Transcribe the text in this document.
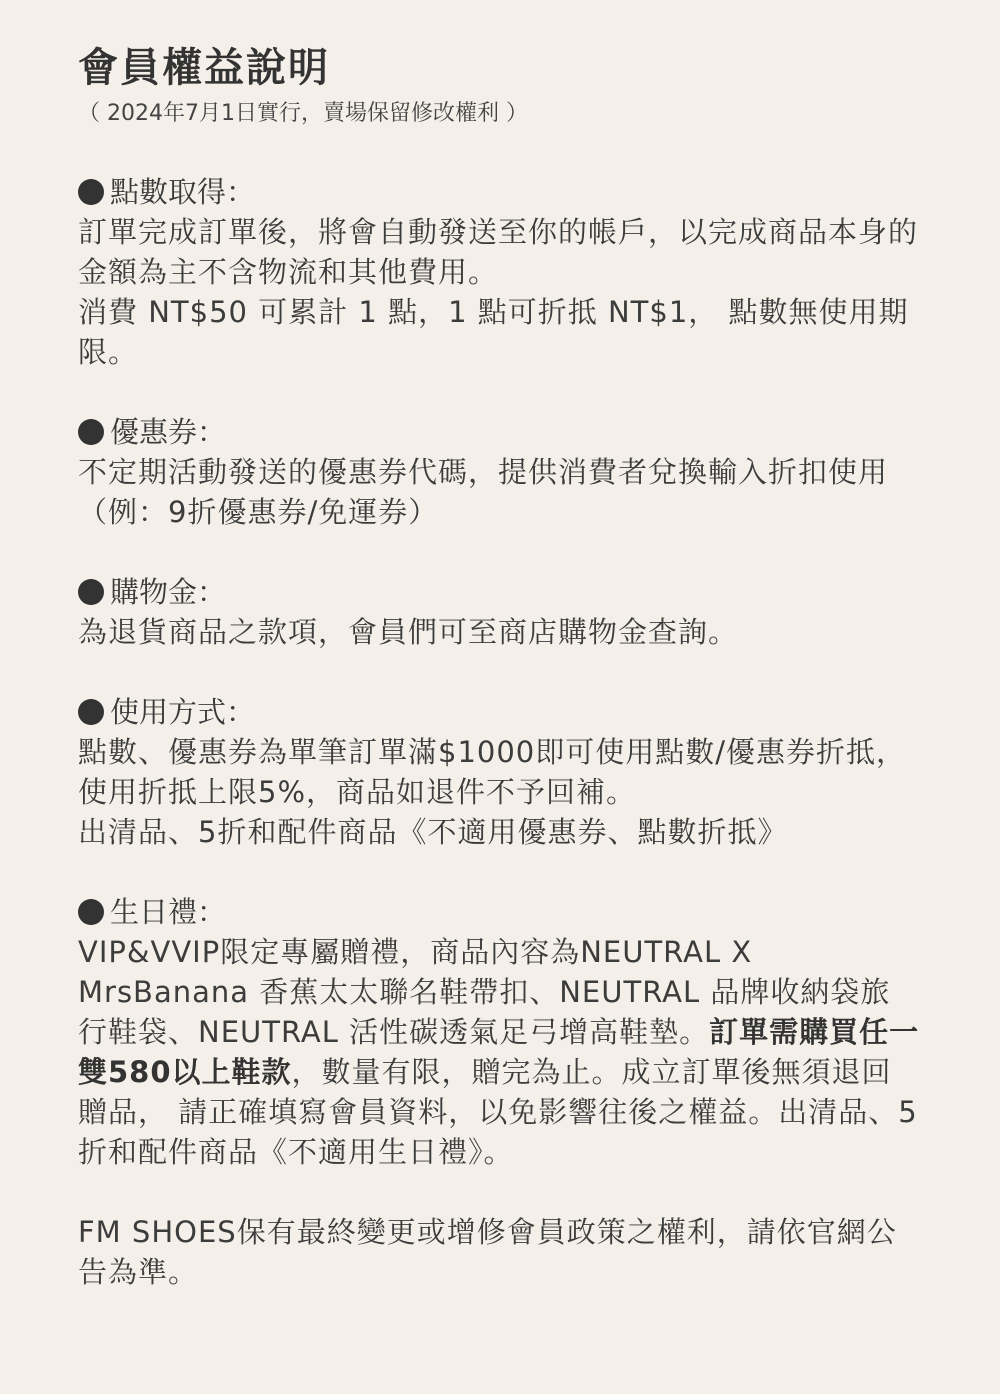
會員權益說明
（ 2024年7月1日實行，賣場保留修改權利 ）
點數取得：

訂單完成訂單後，將會自動發送至你的帳戶，以完成商品本身的金額為主不含物流和其他費用。

消費 NT$50 可累計 1 點，1 點可折抵 NT$1， 點數無使用期限。

優惠券：

不定期活動發送的優惠券代碼，提供消費者兌換輸入折扣使用（例：9折優惠券/免運券）

購物金：

為退貨商品之款項，會員們可至商店購物金查詢。

使用方式：

點數、優惠券為單筆訂單滿$1000即可使用點數/優惠券折抵，使用折抵上限5%，商品如退件不予回補。

出清品、5折和配件商品《不適用優惠券、點數折抵》

生日禮：

VIP&VVIP限定專屬贈禮，商品內容為NEUTRAL X MrsBanana 香蕉太太聯名鞋帶扣、NEUTRAL 品牌收納袋旅行鞋袋、NEUTRAL 活性碳透氣足弓增高鞋墊。訂單需購買任一雙580以上鞋款，數量有限，贈完為止。成立訂單後無須退回贈品， 請正確填寫會員資料，以免影響往後之權益。出清品、5折和配件商品《不適用生日禮》。

FM SHOES保有最終變更或增修會員政策之權利，請依官網公告為準。
